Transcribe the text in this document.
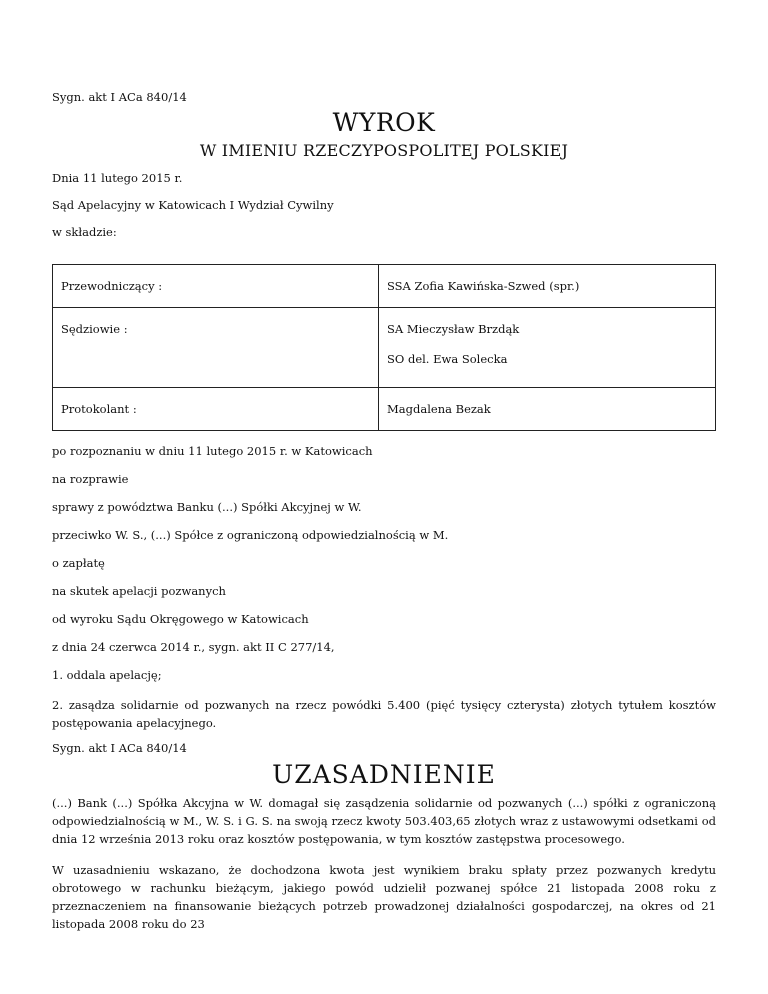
Sygn. akt I ACa 840/14
WYROK
W IMIENIU RZECZYPOSPOLITEJ POLSKIEJ
Dnia 11 lutego 2015 r.
Sąd Apelacyjny w Katowicach I Wydział Cywilny
w składzie:
Przewodniczący :	SSA Zofia Kawińska-Szwed (spr.)

Sędziowie :	SA Mieczysław Brzdąk
SO del. Ewa Solecka

Protokolant :	Magdalena Bezak
po rozpoznaniu w dniu 11 lutego 2015 r. w Katowicach
na rozprawie
sprawy z powództwa Banku (...) Spółki Akcyjnej w W.
przeciwko W. S., (...) Spółce z ograniczoną odpowiedzialnością w M.
o zapłatę
na skutek apelacji pozwanych
od wyroku Sądu Okręgowego w Katowicach
z dnia 24 czerwca 2014 r., sygn. akt II C 277/14,
1. oddala apelację;
2. zasądza solidarnie od pozwanych na rzecz powódki 5.400 (pięć tysięcy czterysta) złotych tytułem kosztów postępowania apelacyjnego.
Sygn. akt I ACa 840/14
UZASADNIENIE
(...) Bank (...) Spółka Akcyjna w W. domagał się zasądzenia solidarnie od pozwanych (...) spółki z ograniczoną odpowiedzialnością w M., W. S. i G. S. na swoją rzecz kwoty 503.403,65 złotych wraz z ustawowymi odsetkami od dnia 12 września 2013 roku oraz kosztów postępowania, w tym kosztów zastępstwa procesowego.
W uzasadnieniu wskazano, że dochodzona kwota jest wynikiem braku spłaty przez pozwanych kredytu obrotowego w rachunku bieżącym, jakiego powód udzielił pozwanej spółce 21 listopada 2008 roku z przeznaczeniem na finansowanie bieżących potrzeb prowadzonej działalności gospodarczej, na okres od 21 listopada 2008 roku do 23
